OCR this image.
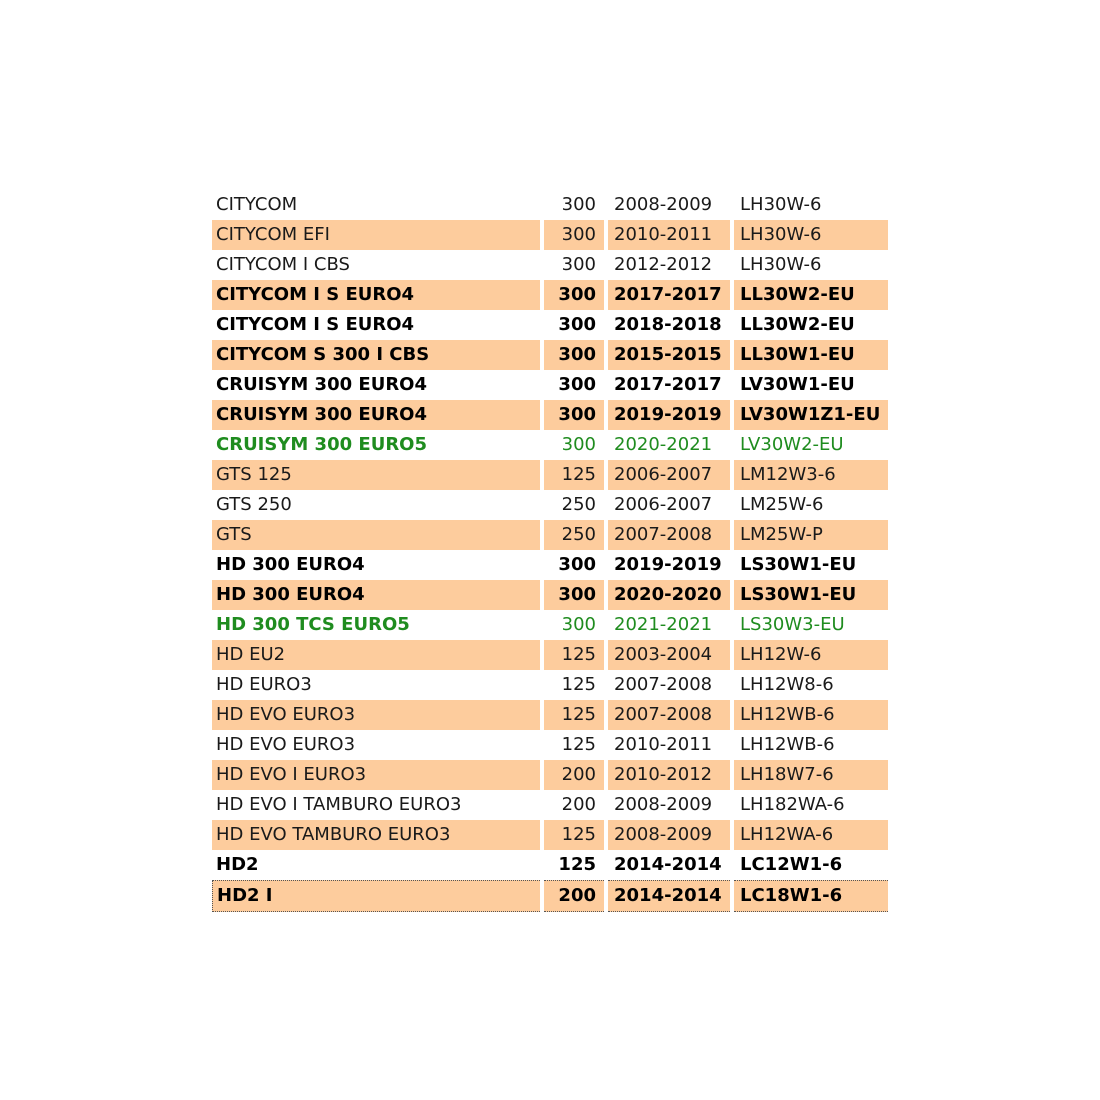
CITYCOM	300	2008-2009	LH30W-6
CITYCOM EFI	300	2010-2011	LH30W-6
CITYCOM I CBS	300	2012-2012	LH30W-6
CITYCOM I S EURO4	300	2017-2017	LL30W2-EU
CITYCOM I S EURO4	300	2018-2018	LL30W2-EU
CITYCOM S 300 I CBS	300	2015-2015	LL30W1-EU
CRUISYM 300 EURO4	300	2017-2017	LV30W1-EU
CRUISYM 300 EURO4	300	2019-2019	LV30W1Z1-EU
CRUISYM 300 EURO5	300	2020-2021	LV30W2-EU
GTS 125	125	2006-2007	LM12W3-6
GTS 250	250	2006-2007	LM25W-6
GTS	250	2007-2008	LM25W-P
HD 300 EURO4	300	2019-2019	LS30W1-EU
HD 300 EURO4	300	2020-2020	LS30W1-EU
HD 300 TCS EURO5	300	2021-2021	LS30W3-EU
HD EU2	125	2003-2004	LH12W-6
HD EURO3	125	2007-2008	LH12W8-6
HD EVO EURO3	125	2007-2008	LH12WB-6
HD EVO EURO3	125	2010-2011	LH12WB-6
HD EVO I EURO3	200	2010-2012	LH18W7-6
HD EVO I TAMBURO EURO3	200	2008-2009	LH182WA-6
HD EVO TAMBURO EURO3	125	2008-2009	LH12WA-6
HD2	125	2014-2014	LC12W1-6
HD2 I	200	2014-2014	LC18W1-6
